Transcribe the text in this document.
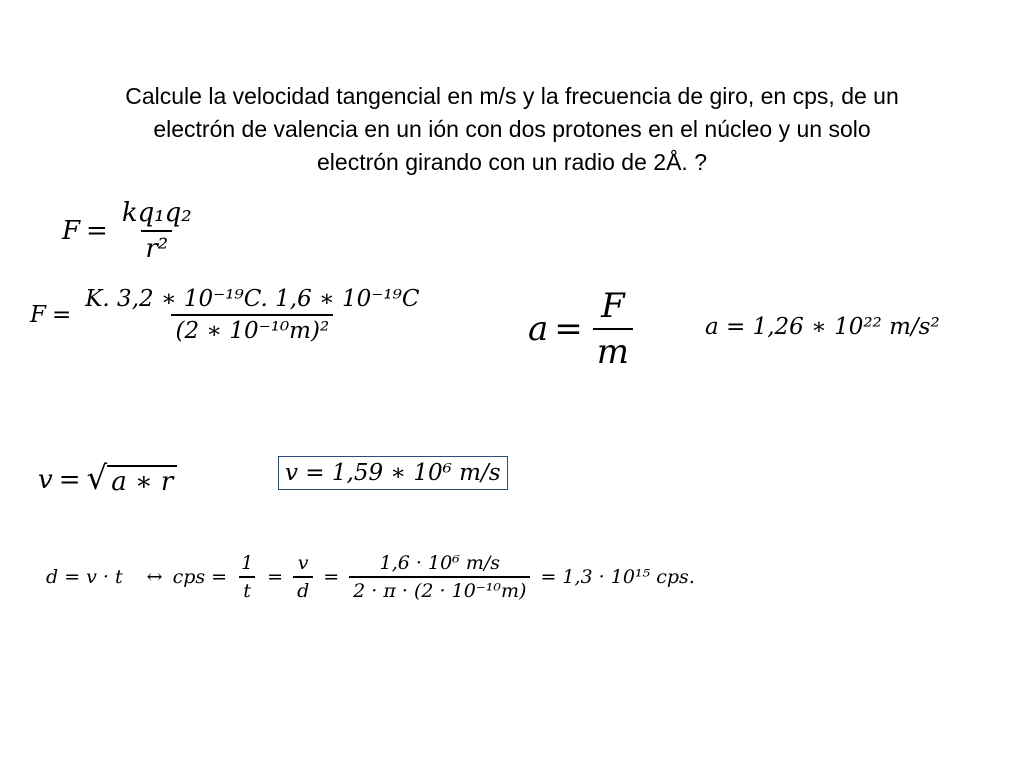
Calcule la velocidad tangencial en m/s y la frecuencia de giro, en cps, de un
electrón de valencia en un ión con dos protones en el núcleo y un solo
electrón girando con un radio de 2Å. ?
$F = \frac{\text{kq₁q₂}}{\text{r²}}$
$F = \frac{\text{K. 3,2 ∗ 10⁻¹⁹C. 1,6 ∗ 10⁻¹⁹C}}{\text{(2 ∗ 10⁻¹⁰m)²}}$	$a = \frac{F}{m}$	a = 1,26 ∗ 10²² m/s²
v = √ a ∗ r	v = 1,59 ∗ 10⁶ m/s
d = v · t ↔ cps = $\frac{1}{t} = \frac{v}{d} = \frac{\text{1,6 · 10⁶ m/s}}{\text{2 · π · (2 · 10⁻¹⁰m)}} = 1,3 \cdot 10^{15}$ cps.
